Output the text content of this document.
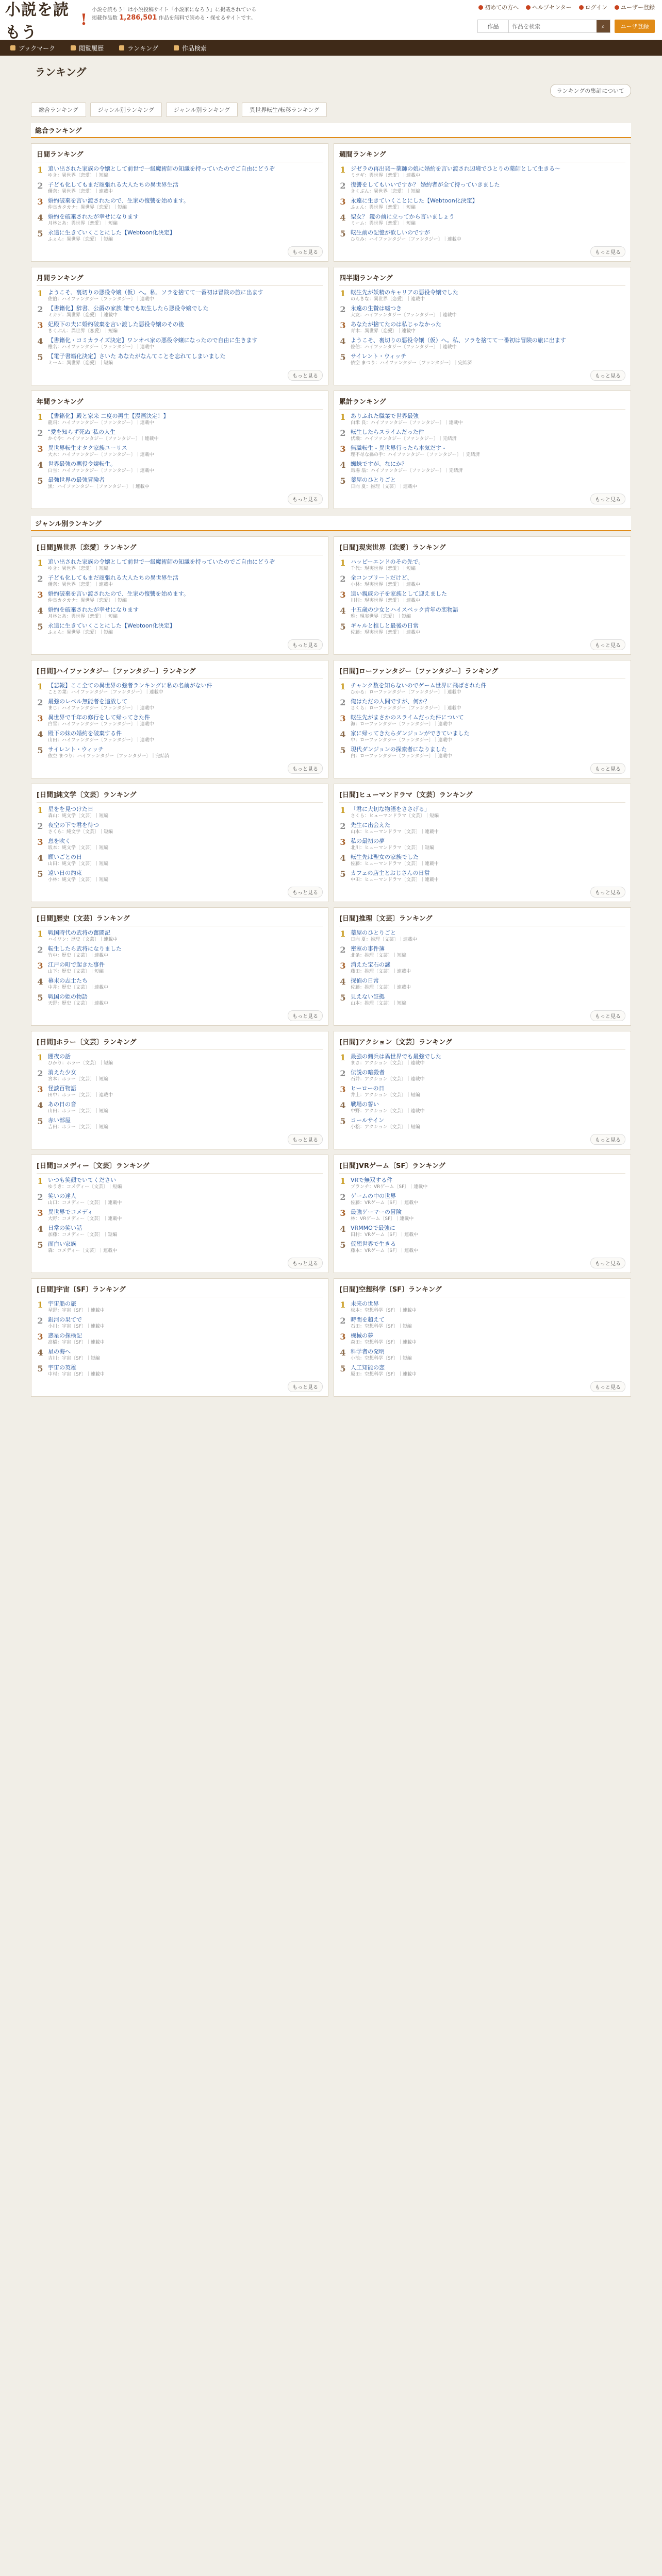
小説を読もう
!
小説を読もう！は小説投稿サイト「小説家になろう」に掲載されている
掲載作品数 1,286,501 作品を無料で読める・探せるサイトです。
初めての方へ ヘルプセンター ログイン ユーザー登録
作品
作品を検索	⌕	ユーザ登録
ブックマーク	閲覧履歴	ランキング	作品検索
ランキング
ランキングの集計について
総合ランキング	ジャンル別ランキング	ジャンル別ランキング	異世界転生/転移ランキング
総合ランキング
日間ランキング
1 追い出された家族の令嬢として前世で一級魔術師の知識を持っていたのでご自由にどうぞ
ゆき：異世界〔恋愛〕｜短編
2 子ども化してもまだ頑張れる大人たちの異世界生活
優奈：異世界〔恋愛〕｜連載中
3 婚約破棄を言い渡されたので、生家の復讐を始めます。
仲良カタカナ：異世界〔恋愛〕｜短編
4 婚約を破棄されたが幸せになります
月林とあ：異世界〔恋愛〕｜短編
5 永遠に生きていくことにした【Webtoon化決定】
ふぇん：異世界〔恋愛〕｜短編
もっと見る
週間ランキング
1 ジゼラの再出発～薬師の娘に婚約を言い渡され辺境でひとりの薬師として生きる～
ミツギ：異世界〔恋愛〕｜連載中
2 復讐をしてもいいですか？ 婚約者が全て持っていきました
きくぶん：異世界〔恋愛〕｜短編
3 永遠に生きていくことにした【Webtoon化決定】
ふぇん：異世界〔恋愛〕｜短編
4 聖女？ 鏡の前に立ってから言いましょう
ミーム：異世界〔恋愛〕｜短編
5 転生前の記憶が欲しいのですが
ひなみ：ハイファンタジー〔ファンタジー〕｜連載中
もっと見る
月間ランキング
1 ようこそ、裏切りの悪役令嬢（仮）へ。私、ソラを捨てて一番初は冒険の旅に出ます
佐伯：ハイファンタジー〔ファンタジー〕｜連載中
2 【書籍化】辞書、公爵の家族 嫌でも転生したら悪役令嬢でした
ミカゲ：異世界〔恋愛〕｜連載中
3 妃殿下の夫に婚約破棄を言い渡した悪役令嬢のその後
きくぶん：異世界〔恋愛〕｜短編
4 【書籍化・コミカライズ決定】ワンオペ家の悪役令嬢になったので自由に生きます
椎名：ハイファンタジー〔ファンタジー〕｜連載中
5 【電子書籍化決定】さいた あなたがなんてことを忘れてしまいました
ミーム：異世界〔恋愛〕｜短編
もっと見る
四半期ランキング
1 転生先が妖精のキャリアの悪役令嬢でした
のんきな：異世界〔恋愛〕｜連載中
2 永遠の生贄は嘘つき
大友：ハイファンタジー〔ファンタジー〕｜連載中
3 あなたが捨てたのは私じゃなかった
青木：異世界〔恋愛〕｜連載中
4 ようこそ、裏切りの悪役令嬢（仮）へ。私、ソラを捨てて一番初は冒険の旅に出ます
佐伯：ハイファンタジー〔ファンタジー〕｜連載中
5 サイレント・ウィッチ
依空 まつり：ハイファンタジー〔ファンタジー〕｜完結済
もっと見る
年間ランキング
1 【書籍化】殿と家来 二度の再生【漫画決定！】
龍飛：ハイファンタジー〔ファンタジー〕｜連載中
2 "愛を知らず死ぬ"私の人生
かぐや：ハイファンタジー〔ファンタジー〕｜連載中
3 異世界転生オタク家族ユーリス
大木：ハイファンタジー〔ファンタジー〕｜連載中
4 世界最強の悪役令嬢転生。
白雪：ハイファンタジー〔ファンタジー〕｜連載中
5 最強世界の最強冒険者
黒：ハイファンタジー〔ファンタジー〕｜連載中
もっと見る
累計ランキング
1 ありふれた職業で世界最強
白米 良：ハイファンタジー〔ファンタジー〕｜連載中
2 転生したらスライムだった件
伏瀬：ハイファンタジー〔ファンタジー〕｜完結済
3 無職転生 - 異世界行ったら本気だす -
理不尽な孫の手：ハイファンタジー〔ファンタジー〕｜完結済
4 蜘蛛ですが、なにか？
馬場 翁：ハイファンタジー〔ファンタジー〕｜完結済
5 薬屋のひとりごと
日向 夏：推理〔文芸〕｜連載中
もっと見る
ジャンル別ランキング
[日間]異世界〔恋愛〕ランキング
1 追い出された家族の令嬢として前世で一級魔術師の知識を持っていたのでご自由にどうぞ
ゆき：異世界〔恋愛〕｜短編
2 子ども化してもまだ頑張れる大人たちの異世界生活
優奈：異世界〔恋愛〕｜連載中
3 婚約破棄を言い渡されたので、生家の復讐を始めます。
仲良カタカナ：異世界〔恋愛〕｜短編
4 婚約を破棄されたが幸せになります
月林とあ：異世界〔恋愛〕｜短編
5 永遠に生きていくことにした【Webtoon化決定】
ふぇん：異世界〔恋愛〕｜短編
もっと見る
[日間]現実世界〔恋愛〕ランキング
1 ハッピーエンドのその先で。
千代：現実世界〔恋愛〕｜短編
2 全コンプリートだけど、
小林：現実世界〔恋愛〕｜連載中
3 遠い親戚の子を家族として迎えました
川村：現実世界〔恋愛〕｜連載中
4 十五歳の少女とハイスペック青年の恋物語
雅：現実世界〔恋愛〕｜短編
5 ギャルと推しと最後の日常
佐藤：現実世界〔恋愛〕｜連載中
もっと見る
[日間]ハイファンタジー〔ファンタジー〕ランキング
1 【悲報】ここ全ての異世界の強者ランキングに私の名前がない件
ことの葉：ハイファンタジー〔ファンタジー〕｜連載中
2 最強のレベル無能者を追放して
まじ：ハイファンタジー〔ファンタジー〕｜連載中
3 異世界で千年の修行をして帰ってきた件
白雪：ハイファンタジー〔ファンタジー〕｜連載中
4 殿下の妹の婚約を破棄する件
山田：ハイファンタジー〔ファンタジー〕｜連載中
5 サイレント・ウィッチ
依空 まつり：ハイファンタジー〔ファンタジー〕｜完結済
もっと見る
[日間]ローファンタジー〔ファンタジー〕ランキング
1 チャンク数を知らないのでゲーム世界に飛ばされた件
ひかる：ローファンタジー〔ファンタジー〕｜連載中
2 俺はただの人間ですが、何か？
さくら：ローファンタジー〔ファンタジー〕｜連載中
3 転生先がまさかのスライムだった件について
海：ローファンタジー〔ファンタジー〕｜連載中
4 家に帰ってきたらダンジョンができていました
中：ローファンタジー〔ファンタジー〕｜連載中
5 現代ダンジョンの探索者になりました
白：ローファンタジー〔ファンタジー〕｜連載中
もっと見る
[日間]純文学〔文芸〕ランキング
1 星をを見つけた日
森山：純文学〔文芸〕｜短編
2 夜空の下で君を待つ
さくら：純文学〔文芸〕｜短編
3 息を吹く
坂本：純文学〔文芸〕｜短編
4 願いごとの日
山田：純文学〔文芸〕｜短編
5 遠い日の約束
小林：純文学〔文芸〕｜短編
もっと見る
[日間]ヒューマンドラマ〔文芸〕ランキング
1 「君に大切な物語をささげる」
さくら：ヒューマンドラマ〔文芸〕｜短編
2 先生に出会えた
山本：ヒューマンドラマ〔文芸〕｜連載中
3 私の最初の夢
北川：ヒューマンドラマ〔文芸〕｜短編
4 転生先は聖女の家族でした
佐藤：ヒューマンドラマ〔文芸〕｜連載中
5 カフェの店主とおじさんの日常
中田：ヒューマンドラマ〔文芸〕｜連載中
もっと見る
[日間]歴史〔文芸〕ランキング
1 戦国時代の武将の奮闘記
ハイワン：歴史〔文芸〕｜連載中
2 転生したら武将になりました
竹中：歴史〔文芸〕｜連載中
3 江戸の町で起きた事件
山下：歴史〔文芸〕｜短編
4 幕末の志士たち
中井：歴史〔文芸〕｜連載中
5 戦国の姫の物語
天野：歴史〔文芸〕｜連載中
もっと見る
[日間]推理〔文芸〕ランキング
1 薬屋のひとりごと
日向 夏：推理〔文芸〕｜連載中
2 密室の事件簿
北条：推理〔文芸〕｜短編
3 消えた宝石の謎
藤田：推理〔文芸〕｜連載中
4 探偵の日常
佐藤：推理〔文芸〕｜連載中
5 見えない証拠
山本：推理〔文芸〕｜短編
もっと見る
[日間]ホラー〔文芸〕ランキング
1 闇夜の話
ひかり：ホラー〔文芸〕｜短編
2 消えた少女
宮本：ホラー〔文芸〕｜短編
3 怪談百物語
田中：ホラー〔文芸〕｜連載中
4 あの日の音
山田：ホラー〔文芸〕｜短編
5 赤い部屋
吉田：ホラー〔文芸〕｜短編
もっと見る
[日間]アクション〔文芸〕ランキング
1 最強の傭兵は異世界でも最強でした
まさ：アクション〔文芸〕｜連載中
2 伝説の暗殺者
石井：アクション〔文芸〕｜連載中
3 ヒーローの日
井上：アクション〔文芸〕｜短編
4 戦場の誓い
中野：アクション〔文芸〕｜連載中
5 コールサイン
小松：アクション〔文芸〕｜短編
もっと見る
[日間]コメディー〔文芸〕ランキング
1 いつも笑顔でいてください
ゆうき：コメディー〔文芸〕｜短編
2 笑いの達人
山口：コメディー〔文芸〕｜連載中
3 異世界でコメディ
大野：コメディー〔文芸〕｜連載中
4 日常の笑い話
加藤：コメディー〔文芸〕｜短編
5 面白い家族
森：コメディー〔文芸〕｜連載中
もっと見る
[日間]VRゲーム〔SF〕ランキング
1 VRで無双する件
ブランチ：VRゲーム〔SF〕｜連載中
2 ゲームの中の世界
佐藤：VRゲーム〔SF〕｜連載中
3 最強ゲーマーの冒険
林：VRゲーム〔SF〕｜連載中
4 VRMMOで最強に
田村：VRゲーム〔SF〕｜連載中
5 仮想世界で生きる
藤本：VRゲーム〔SF〕｜連載中
もっと見る
[日間]宇宙〔SF〕ランキング
1 宇宙船の旅
星野：宇宙〔SF〕｜連載中
2 銀河の果てで
小川：宇宙〔SF〕｜連載中
3 惑星の探検記
高橋：宇宙〔SF〕｜連載中
4 星の海へ
吉川：宇宙〔SF〕｜短編
5 宇宙の英雄
中村：宇宙〔SF〕｜連載中
もっと見る
[日間]空想科学〔SF〕ランキング
1 未来の世界
松本：空想科学〔SF〕｜連載中
2 時間を超えて
石田：空想科学〔SF〕｜短編
3 機械の夢
森田：空想科学〔SF〕｜連載中
4 科学者の発明
小池：空想科学〔SF〕｜短編
5 人工知能の恋
原田：空想科学〔SF〕｜連載中
もっと見る
